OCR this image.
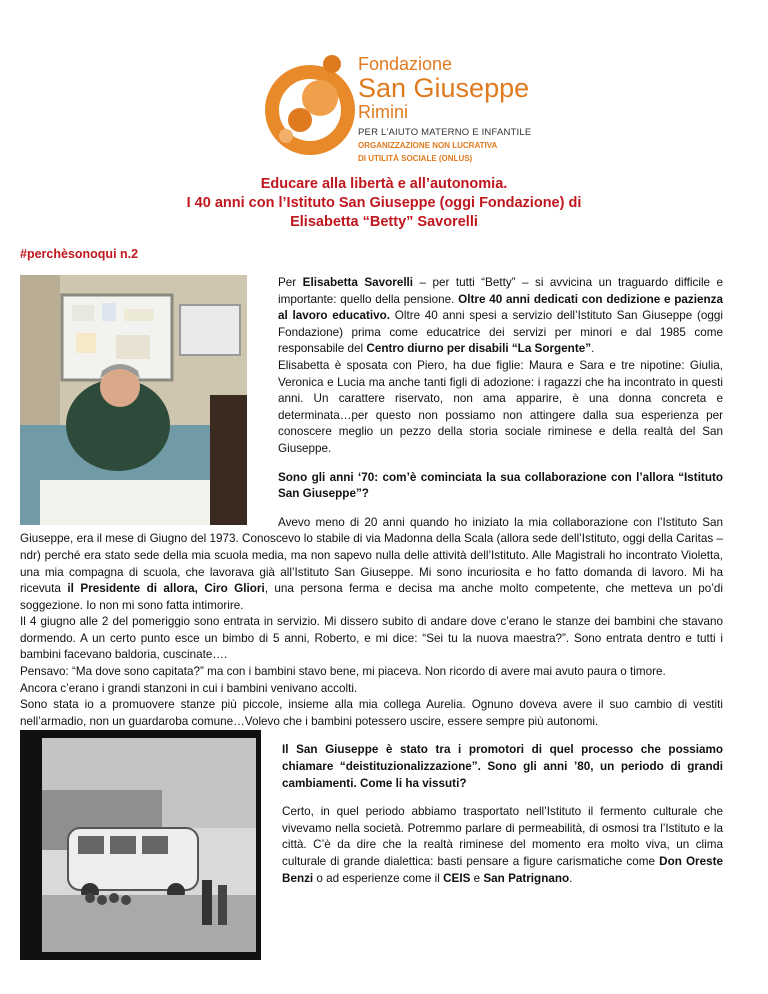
Fondazione
San Giuseppe
Rimini
PER L'AIUTO MATERNO E INFANTILE
ORGANIZZAZIONE NON LUCRATIVA
DI UTILITÀ SOCIALE (ONLUS)
Educare alla libertà e all’autonomia.
I 40 anni con l’Istituto San Giuseppe (oggi Fondazione) di
Elisabetta “Betty” Savorelli
#perchèsonoqui n.2

Per Elisabetta Savorelli – per tutti “Betty” – si avvicina un traguardo difficile e importante: quello della pensione. Oltre 40 anni dedicati con dedizione e pazienza al lavoro educativo. Oltre 40 anni spesi a servizio dell’Istituto San Giuseppe (oggi Fondazione) prima come educatrice dei servizi per minori e dal 1985 come responsabile del Centro diurno per disabili “La Sorgente”.

Elisabetta è sposata con Piero, ha due figlie: Maura e Sara e tre nipotine: Giulia, Veronica e Lucia ma anche tanti figli di adozione: i ragazzi che ha incontrato in questi anni. Un carattere riservato, non ama apparire, è una donna concreta e determinata…per questo non possiamo non attingere dalla sua esperienza per conoscere meglio un pezzo della storia sociale riminese e della realtà del San Giuseppe.

Sono gli anni ‘70: com’è cominciata la sua collaborazione con l’allora “Istituto San Giuseppe”?

Avevo meno di 20 anni quando ho iniziato la mia collaborazione con l’Istituto San Giuseppe, era il mese di Giugno del 1973. Conoscevo lo stabile di via Madonna della Scala (allora sede dell’Istituto, oggi della Caritas – ndr) perché era stato sede della mia scuola media, ma non sapevo nulla delle attività dell’Istituto. Alle Magistrali ho incontrato Violetta, una mia compagna di scuola, che lavorava già all’Istituto San Giuseppe. Mi sono incuriosita e ho fatto domanda di lavoro. Mi ha ricevuta il Presidente di allora, Ciro Gliori, una persona ferma e decisa ma anche molto competente, che metteva un po’di soggezione. Io non mi sono fatta intimorire.

Il 4 giugno alle 2 del pomeriggio sono entrata in servizio. Mi dissero subito di andare dove c’erano le stanze dei bambini che stavano dormendo. A un certo punto esce un bimbo di 5 anni, Roberto, e mi dice: “Sei tu la nuova maestra?”. Sono entrata dentro e tutti i bambini facevano baldoria, cuscinate….

Pensavo: “Ma dove sono capitata?” ma con i bambini stavo bene, mi piaceva. Non ricordo di avere mai avuto paura o timore.

Ancora c’erano i grandi stanzoni in cui i bambini venivano accolti.

Sono stata io a promuovere stanze più piccole, insieme alla mia collega Aurelia. Ognuno doveva avere il suo cambio di vestiti nell’armadio, non un guardaroba comune…Volevo che i bambini potessero uscire, essere sempre più autonomi.

Il San Giuseppe è stato tra i promotori di quel processo che possiamo chiamare “deistituzionalizzazione”. Sono gli anni ’80, un periodo di grandi cambiamenti. Come li ha vissuti?

Certo, in quel periodo abbiamo trasportato nell’Istituto il fermento culturale che vivevamo nella società. Potremmo parlare di permeabilità, di osmosi tra l’Istituto e la città. C’è da dire che la realtà riminese del momento era molto viva, un clima culturale di grande dialettica: basti pensare a figure carismatiche come Don Oreste Benzi o ad esperienze come il CEIS e San Patrignano.
